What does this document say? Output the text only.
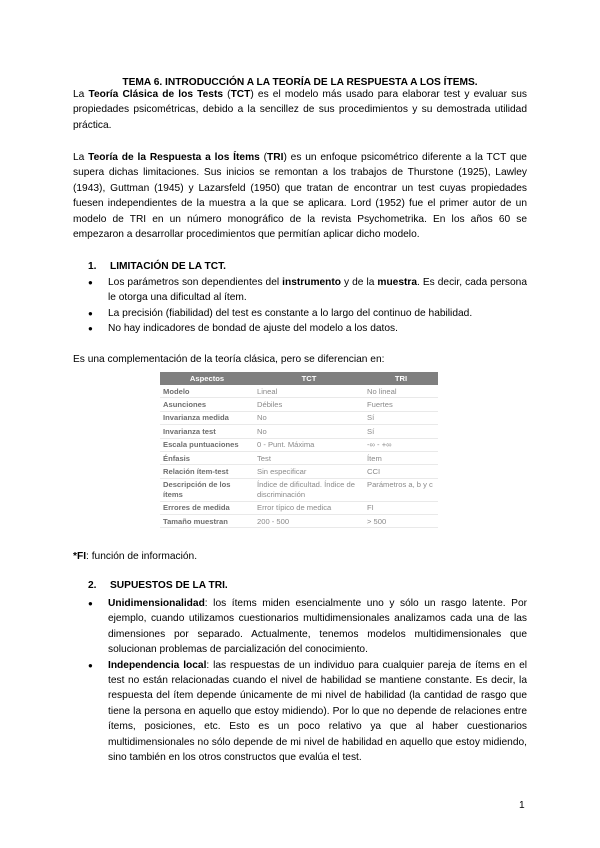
TEMA 6. INTRODUCCIÓN A LA TEORÍA DE LA RESPUESTA A LOS ÍTEMS.

La Teoría Clásica de los Tests (TCT) es el modelo más usado para elaborar test y evaluar sus propiedades psicométricas, debido a la sencillez de sus procedimientos y su demostrada utilidad práctica.

La Teoría de la Respuesta a los Ítems (TRI) es un enfoque psicométrico diferente a la TCT que supera dichas limitaciones. Sus inicios se remontan a los trabajos de Thurstone (1925), Lawley (1943), Guttman (1945) y Lazarsfeld (1950) que tratan de encontrar un test cuyas propiedades fuesen independientes de la muestra a la que se aplicara. Lord (1952) fue el primer autor de un modelo de TRI en un número monográfico de la revista Psychometrika. En los años 60 se empezaron a desarrollar procedimientos que permitían aplicar dicho modelo.

1. LIMITACIÓN DE LA TCT.
● Los parámetros son dependientes del instrumento y de la muestra. Es decir, cada persona le otorga una dificultad al ítem.
● La precisión (fiabilidad) del test es constante a lo largo del continuo de habilidad.
● No hay indicadores de bondad de ajuste del modelo a los datos.

Es una complementación de la teoría clásica, pero se diferencian en:

Aspectos	TCT	TRI
Modelo	Lineal	No lineal
Asunciones	Débiles	Fuertes
Invarianza medida	No	Sí
Invarianza test	No	Sí
Escala puntuaciones	0 - Punt. Máxima	-∞ - +∞
Énfasis	Test	Ítem
Relación ítem-test	Sin especificar	CCI
Descripción de los ítems	Índice de dificultad. Índice de discriminación	Parámetros a, b y c
Errores de medida	Error típico de medica	FI
Tamaño muestran	200 - 500	> 500
*FI: función de información.
2. SUPUESTOS DE LA TRI.
● Unidimensionalidad: los ítems miden esencialmente uno y sólo un rasgo latente. Por ejemplo, cuando utilizamos cuestionarios multidimensionales analizamos cada una de las dimensiones por separado. Actualmente, tenemos modelos multidimensionales que solucionan problemas de parcialización del conocimiento.
● Independencia local: las respuestas de un individuo para cualquier pareja de ítems en el test no están relacionadas cuando el nivel de habilidad se mantiene constante. Es decir, la respuesta del ítem depende únicamente de mi nivel de habilidad (la cantidad de rasgo que tiene la persona en aquello que estoy midiendo). Por lo que no depende de relaciones entre ítems, posiciones, etc. Esto es un poco relativo ya que al haber cuestionarios multidimensionales no sólo depende de mi nivel de habilidad en aquello que estoy midiendo, sino también en los otros constructos que evalúa el test.
1
